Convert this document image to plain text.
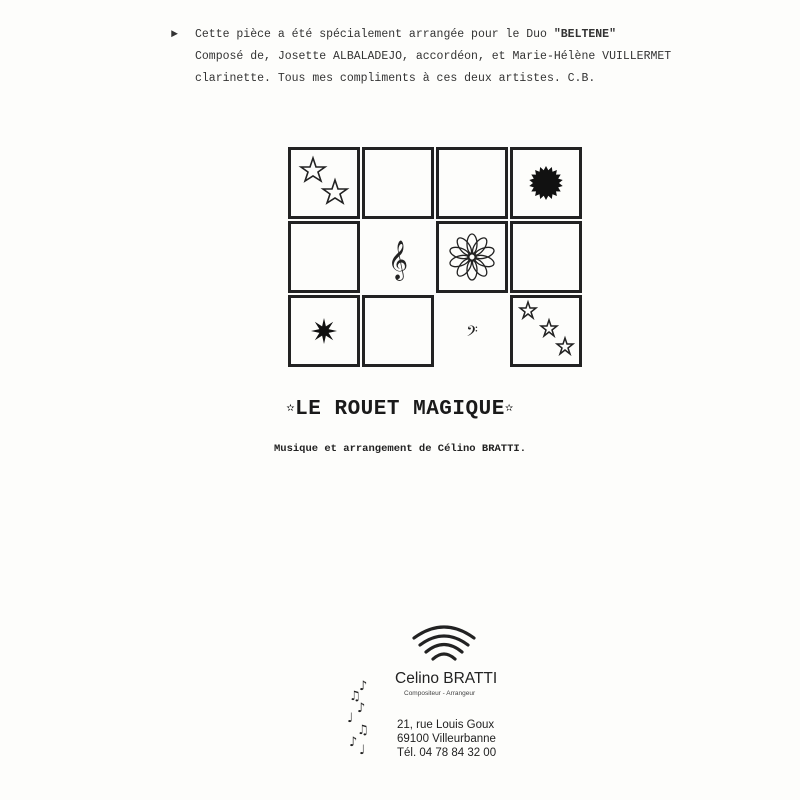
►	Cette pièce a été spécialement arrangée pour le Duo "BELTENE"
Composé de, Josette ALBALADEJO, accordéon, et Marie-Hélène VUILLERMET
clarinette. Tous mes compliments à ces deux artistes. C.B.
𝄞
𝄢
✫LE ROUET MAGIQUE✫
Musique et arrangement de Célino BRATTI.
Celino BRATTI
Compositeur - Arrangeur
♪
♫
♪
♩
♫
♪
♩
21, rue Louis Goux
69100 Villeurbanne
Tél. 04 78 84 32 00
